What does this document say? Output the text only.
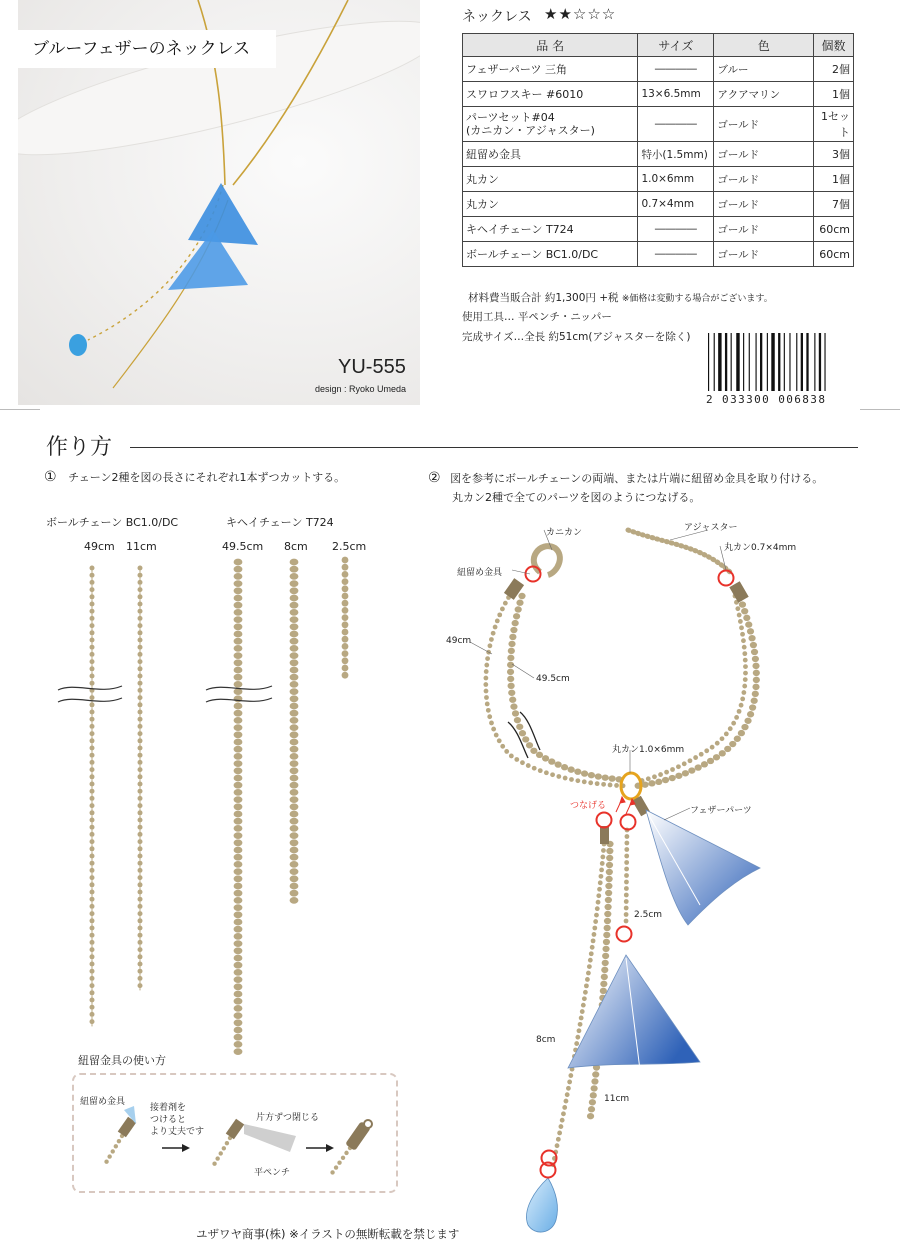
ブルーフェザーのネックレス
YU-555
design : Ryoko Umeda
ネックレス ★★☆☆☆
品 名	サイズ	色	個数
フェザーパーツ 三角	――――	ブルー	2個
スワロフスキー #6010	13×6.5mm	アクアマリン	1個

パーツセット#04
(カニカン・アジャスター)	――――	ゴールド	1セット
紐留め金具	特小(1.5mm)	ゴールド	3個
丸カン	1.0×6mm	ゴールド	1個
丸カン	0.7×4mm	ゴールド	7個
キヘイチェーン T724	――――	ゴールド	60cm
ボールチェーン BC1.0/DC	――――	ゴールド	60cm
材料費当販合計 約1,300円 +税 ※価格は変動する場合がございます。
使用工具… 平ペンチ・ニッパー
完成サイズ…全長 約51cm(アジャスターを除く)
2 033300 006838
作り方
① チェーン2種を図の長さにそれぞれ1本ずつカットする。	② 図を参考にボールチェーンの両端、または片端に紐留め金具を取り付ける。
丸カン2種で全てのパーツを図のようにつなげる。
ボールチェーン BC1.0/DC	キヘイチェーン T724
49cm 11cm	49.5cm 8cm 2.5cm
カニカン	アジャスター
丸カン0.7×4mm
紐留め金具
49cm
49.5cm
丸カン1.0×6mm
つなげる	フェザーパーツ
2.5cm
8cm
11cm
紐留金具の使い方
紐留め金具
接着剤を
つけると
より丈夫です
片方ずつ閉じる
平ペンチ
ユザワヤ商事(株) ※イラストの無断転載を禁じます
